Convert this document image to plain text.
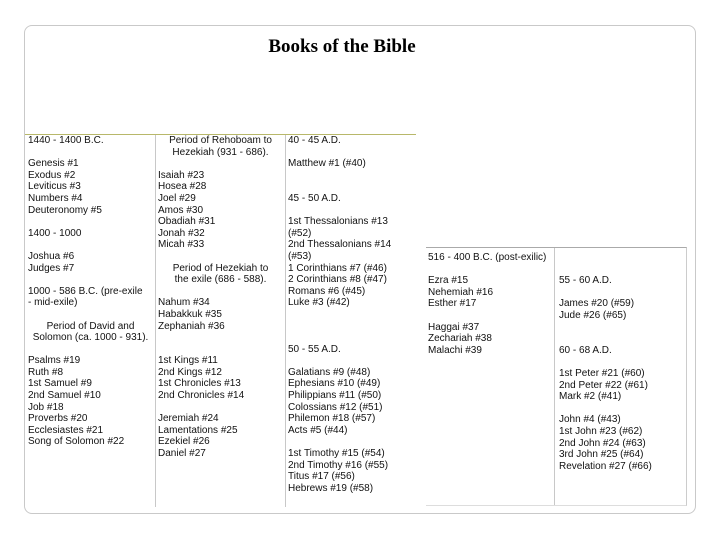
Books of the Bible
1440 - 1400 B.C.
Genesis #1
Exodus #2
Leviticus #3
Numbers #4
Deuteronomy #5
1400 - 1000
Joshua #6
Judges #7
1000 - 586 B.C. (pre-exile
- mid-exile)
Period of David and
Solomon (ca. 1000 - 931).
Psalms #19
Ruth #8
1st Samuel #9
2nd Samuel #10
Job #18
Proverbs #20
Ecclesiastes #21
Song of Solomon #22
Period of Rehoboam to
Hezekiah (931 - 686).
Isaiah #23
Hosea #28
Joel #29
Amos #30
Obadiah #31
Jonah #32
Micah #33
Period of Hezekiah to
the exile (686 - 588).
Nahum #34
Habakkuk #35
Zephaniah #36
1st Kings #11
2nd Kings #12
1st Chronicles #13
2nd Chronicles #14
Jeremiah #24
Lamentations #25
Ezekiel #26
Daniel #27
40 - 45 A.D.
Matthew #1 (#40)
45 - 50 A.D.
1st Thessalonians #13
(#52)
2nd Thessalonians #14
(#53)
1 Corinthians #7 (#46)
2 Corinthians #8 (#47)
Romans #6 (#45)
Luke #3 (#42)
50 - 55 A.D.
Galatians #9 (#48)
Ephesians #10 (#49)
Philippians #11 (#50)
Colossians #12 (#51)
Philemon #18 (#57)
Acts #5 (#44)
1st Timothy #15 (#54)
2nd Timothy #16 (#55)
Titus #17 (#56)
Hebrews #19 (#58)
516 - 400 B.C. (post-exilic)
Ezra #15
Nehemiah #16
Esther #17
Haggai #37
Zechariah #38
Malachi #39
55 - 60 A.D.
James #20 (#59)
Jude #26 (#65)
60 - 68 A.D.
1st Peter #21 (#60)
2nd Peter #22 (#61)
Mark #2 (#41)
John #4 (#43)
1st John #23 (#62)
2nd John #24 (#63)
3rd John #25 (#64)
Revelation #27 (#66)
